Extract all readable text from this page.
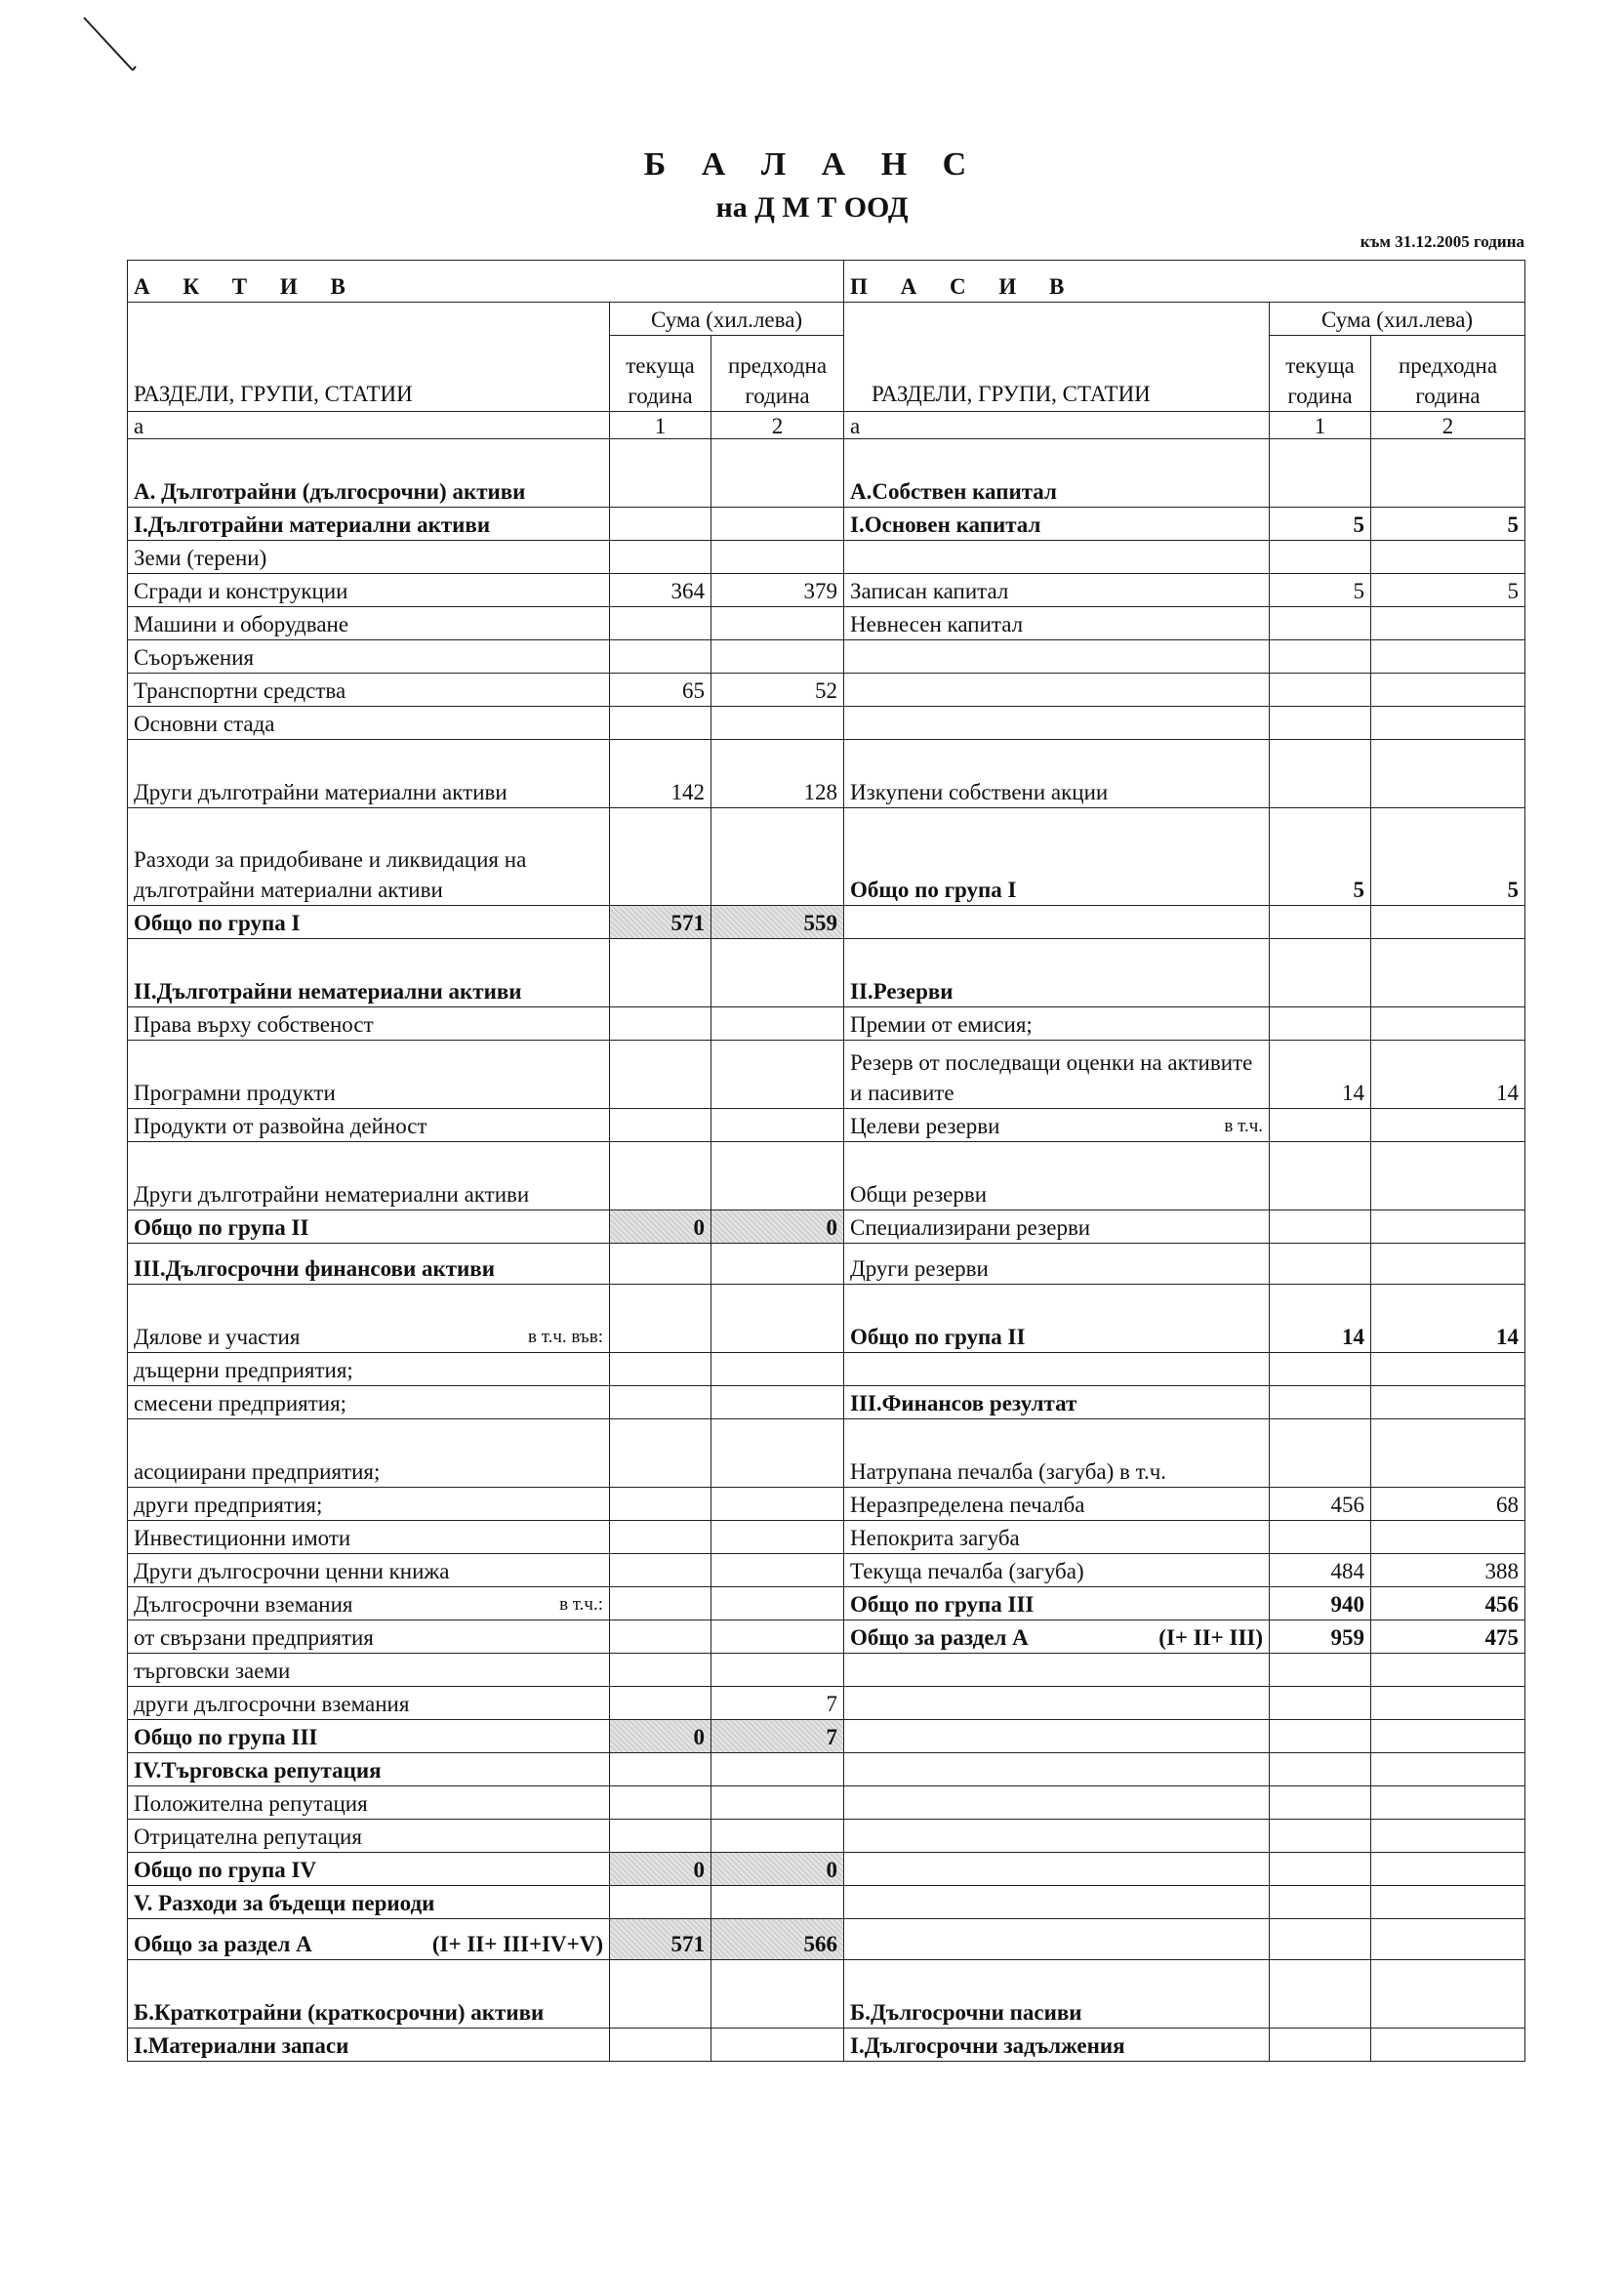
Б А Л А Н С
на Д М Т ООД
към 31.12.2005 година
А К Т И В			П А С И В		
РАЗДЕЛИ, ГРУПИ, СТАТИИ	Сума (хил.лева)		РАЗДЕЛИ, ГРУПИ, СТАТИИ	Сума (хил.лева)	
	текуща година	предходна година		текуща година	предходна година
а	1	2	а	1	2
А. Дълготрайни (дългосрочни) активи			А.Собствен капитал		
I.Дълготрайни материални активи			I.Основен капитал	5	5
Земи (терени)					
Сгради и конструкции	364	379	Записан капитал	5	5
Машини и оборудване			Невнесен капитал		
Съоръжения					
Транспортни средства	65	52			
Основни стада					
Други дълготрайни материални активи	142	128	Изкупени собствени акции		
Разходи за придобиване и ликвидация на дълготрайни материални активи			Общо по група I	5	5
Общо по група I	571	559			
II.Дълготрайни нематериални активи			II.Резерви		
Права върху собственост			Премии от емисия;		
Програмни продукти			Резерв от последващи оценки на активите и пасивите	14	14
Продукти от развойна дейност			Целеви резерви в т.ч.		

Други дълготрайни нематериални активи			Общи резерви		
Общо по група II	0	0	Специализирани резерви		
III.Дългосрочни финансови активи			Други резерви		

Дялове и участия в т.ч. във:			Общо по група II	14	14
дъщерни предприятия;					
смесени предприятия;			III.Финансов резултат		
асоциирани предприятия;			Натрупана печалба (загуба) в т.ч.		
други предприятия;			Неразпределена печалба	456	68
Инвестиционни имоти			Непокрита загуба		
Други дългосрочни ценни книжа			Текуща печалба (загуба)	484	388

Дългосрочни вземания в т.ч.:			Общо по група III	940	456
от свързани предприятия			Общо за раздел А (I+ II+ III)	959	475
търговски заеми					
други дългосрочни вземания		7			
Общо по група III	0	7			
IV.Търговска репутация					
Положителна репутация					
Отрицателна репутация					
Общо по група IV	0	0			
V. Разходи за бъдещи периоди					

Общо за раздел А (I+ II+ III+IV+V)	571	566			
Б.Краткотрайни (краткосрочни) активи			Б.Дългосрочни пасиви		
I.Материални запаси			I.Дългосрочни задължения		
